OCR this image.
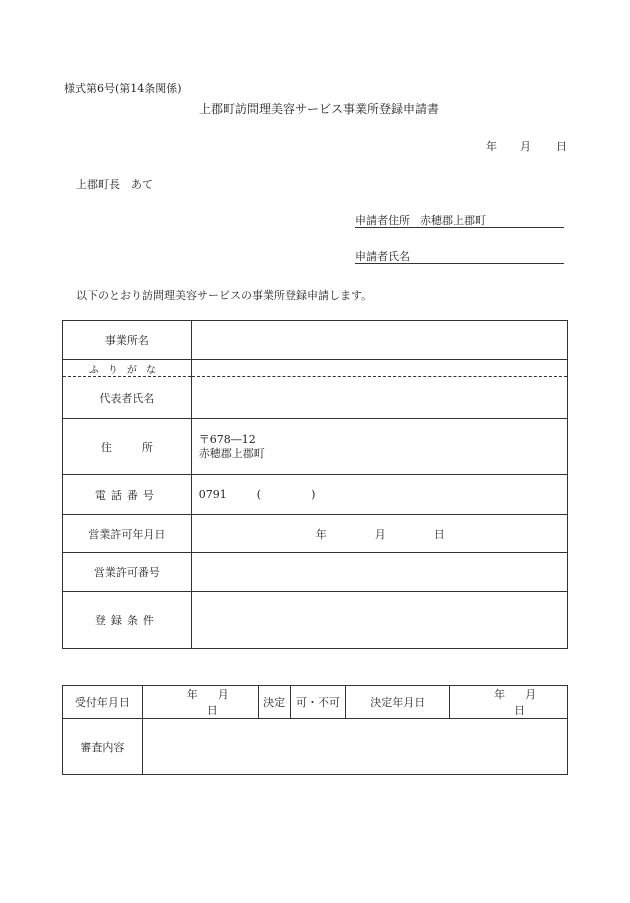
様式第6号(第14条関係)
上郡町訪問理美容サービス事業所登録申請書
年 月 日
上郡町長　あて
申請者住所 赤穂郡上郡町
申請者氏名
以下のとおり訪問理美容サービスの事業所登録申請します。
事業所名	
ふりがな	
代表者氏名	
住所	〒678―12
赤穂郡上郡町

電話番号	0791 ( )
営業許可年月日	年 月 日
営業許可番号	
登録条件	
受付年月日	年 月日	決定	可・不可	決定年月日	年 月日
審査内容					
